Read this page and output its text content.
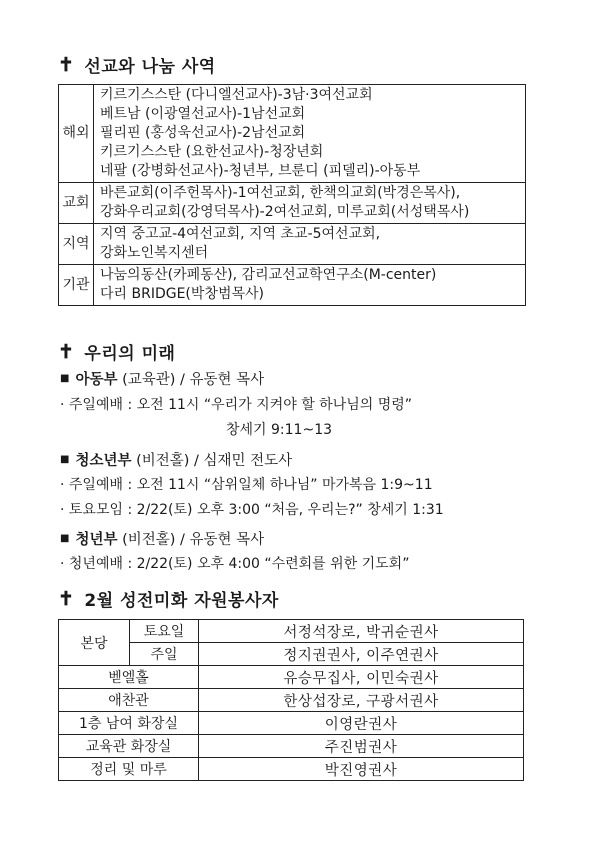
✝ 선교와 나눔 사역
해외	키르기스스탄 (다니엘선교사)-3남·3여선교회
베트남 (이광열선교사)-1남선교회
필리핀 (홍성욱선교사)-2남선교회
키르기스스탄 (요한선교사)-청장년회
네팔 (강병화선교사)-청년부, 브룬디 (피델리)-아동부

교회	바른교회(이주헌목사)-1여선교회, 한책의교회(박경은목사),
강화우리교회(강영덕목사)-2여선교회, 미루교회(서성택목사)

지역	지역 중고교-4여선교회, 지역 초교-5여선교회,
강화노인복지센터

기관	나눔의동산(카페동산), 감리교선교학연구소(M-center)
다리 BRIDGE(박창범목사)
✝ 우리의 미래
■ 아동부 (교육관) / 유동현 목사
· 주일예배 : 오전 11시 “우리가 지켜야 할 하나님의 명령”
창세기 9:11~13
■ 청소년부 (비전홀) / 심재민 전도사
· 주일예배 : 오전 11시 “삼위일체 하나님” 마가복음 1:9~11
· 토요모임 : 2/22(토) 오후 3:00 “처음, 우리는?” 창세기 1:31
■ 청년부 (비전홀) / 유동현 목사
· 청년예배 : 2/22(토) 오후 4:00 “수련회를 위한 기도회”
✝ 2월 성전미화 자원봉사자
본당	토요일	서정석장로, 박귀순권사
	주일	정지권권사, 이주연권사
벧엘홀		유승무집사, 이민숙권사
애찬관		한상섭장로, 구광서권사
1층 남여 화장실		이영란권사
교육관 화장실		주진범권사
정리 및 마루		박진영권사
